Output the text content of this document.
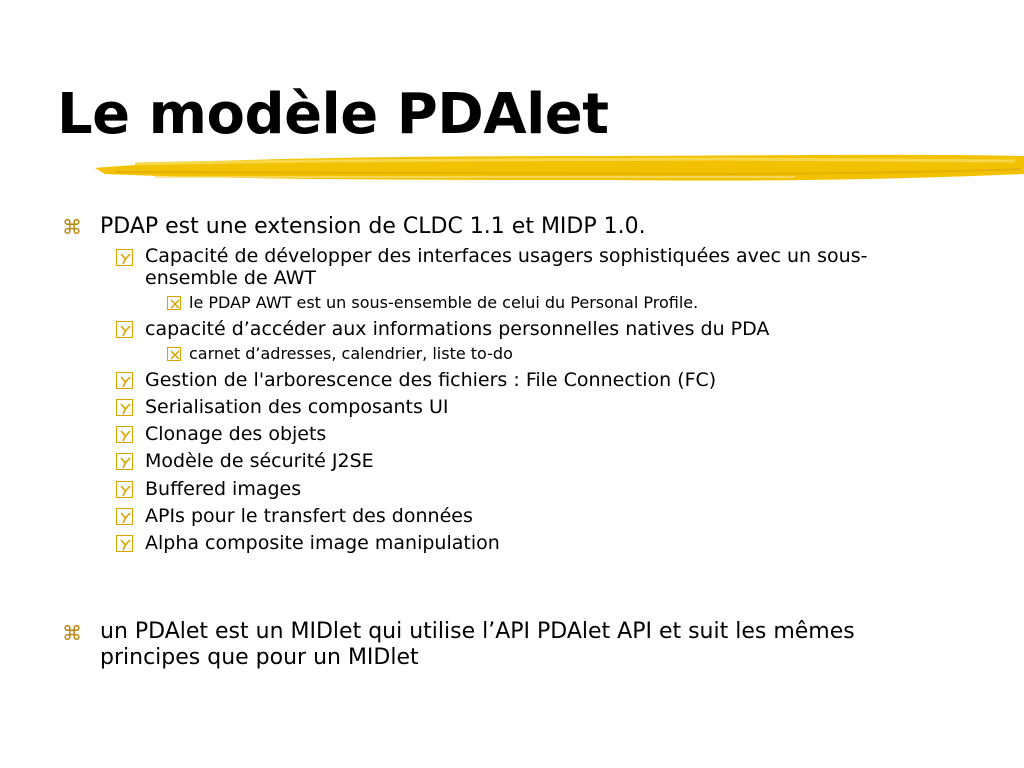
Le modèle PDAlet
⌘ PDAP est une extension de CLDC 1.1 et MIDP 1.0.
Capacité de développer des interfaces usagers sophistiquées avec un sous-
ensemble de AWT
le PDAP AWT est un sous-ensemble de celui du Personal Profile.
capacité d’accéder aux informations personnelles natives du PDA
carnet d’adresses, calendrier, liste to-do
Gestion de l'arborescence des fichiers : File Connection (FC)
Serialisation des composants UI
Clonage des objets
Modèle de sécurité J2SE
Buffered images
APIs pour le transfert des données
Alpha composite image manipulation
⌘ un PDAlet est un MIDlet qui utilise l’API PDAlet API et suit les mêmes
principes que pour un MIDlet
